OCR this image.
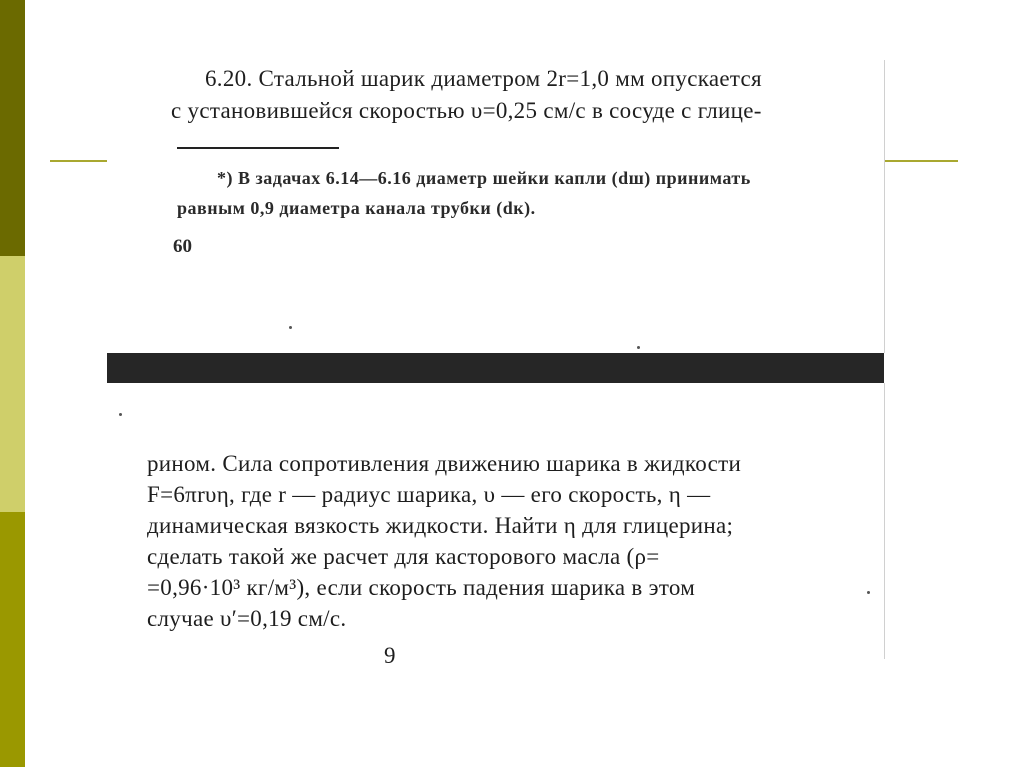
6.20. Стальной шарик диаметром 2r=1,0 мм опускается
с установившейся скоростью υ=0,25 см/с в сосуде с глице-
*) В задачах 6.14—6.16 диаметр шейки капли (dш) принимать
равным 0,9 диаметра канала трубки (dк).
60
рином. Сила сопротивления движению шарика в жидкости
F=6πrυη, где r — радиус шарика, υ — его скорость, η —
динамическая вязкость жидкости. Найти η для глицерина;
сделать такой же расчет для касторового масла (ρ=
=0,96·10³ кг/м³), если скорость падения шарика в этом
случае υ′=0,19 см/с.
9
